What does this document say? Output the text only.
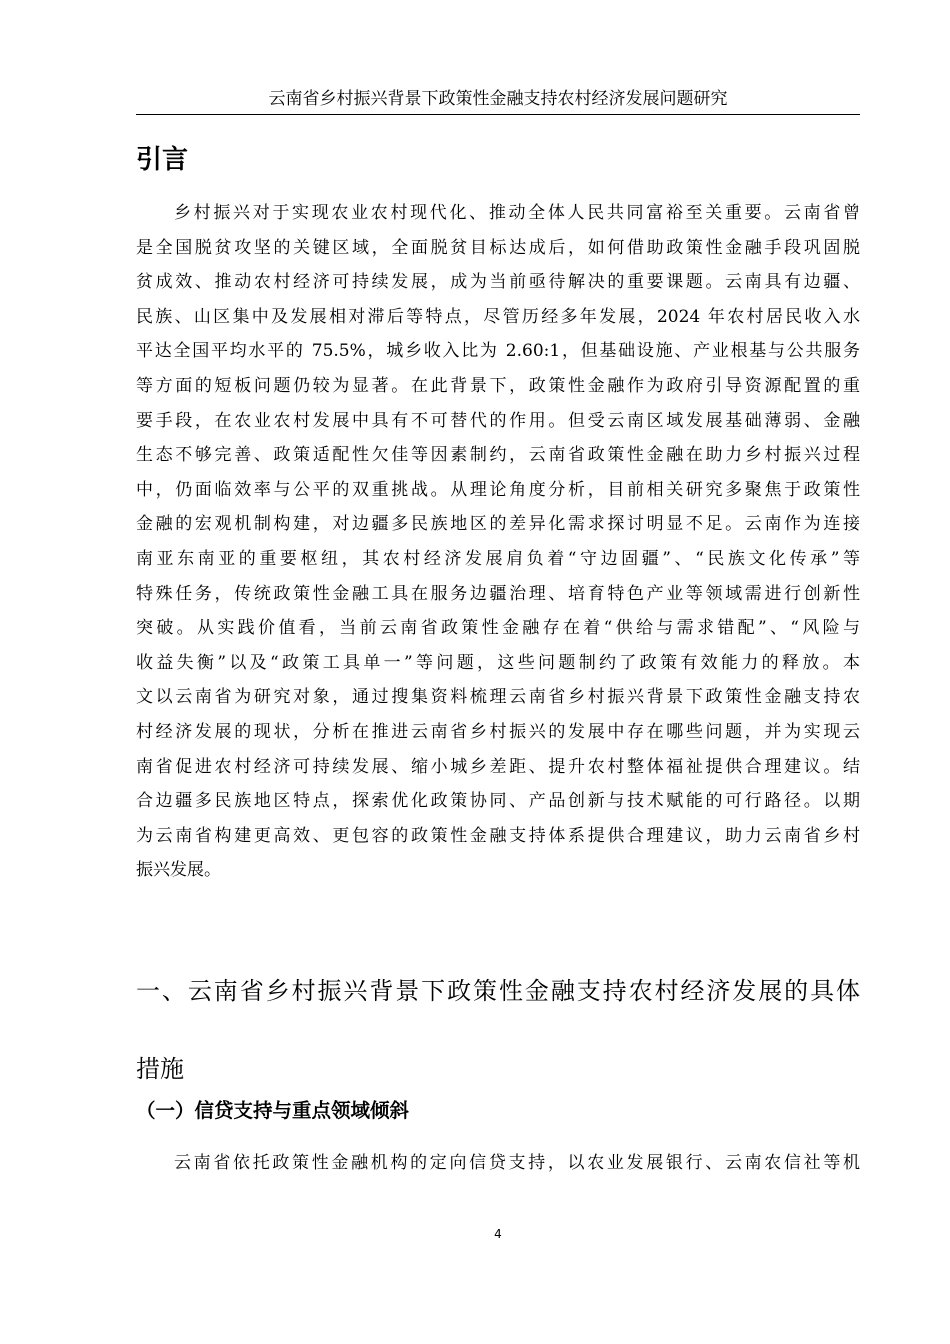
云南省乡村振兴背景下政策性金融支持农村经济发展问题研究
引言
乡村振兴对于实现农业农村现代化、推动全体人民共同富裕至关重要。云南省曾
是全国脱贫攻坚的关键区域，全面脱贫目标达成后，如何借助政策性金融手段巩固脱
贫成效、推动农村经济可持续发展，成为当前亟待解决的重要课题。云南具有边疆、
民族、山区集中及发展相对滞后等特点，尽管历经多年发展，2024 年农村居民收入水
平达全国平均水平的 75.5%，城乡收入比为 2.60:1，但基础设施、产业根基与公共服务
等方面的短板问题仍较为显著。在此背景下，政策性金融作为政府引导资源配置的重
要手段，在农业农村发展中具有不可替代的作用。但受云南区域发展基础薄弱、金融
生态不够完善、政策适配性欠佳等因素制约，云南省政策性金融在助力乡村振兴过程
中，仍面临效率与公平的双重挑战。从理论角度分析，目前相关研究多聚焦于政策性
金融的宏观机制构建，对边疆多民族地区的差异化需求探讨明显不足。云南作为连接
南亚东南亚的重要枢纽，其农村经济发展肩负着“守边固疆”、“民族文化传承”等
特殊任务，传统政策性金融工具在服务边疆治理、培育特色产业等领域需进行创新性
突破。从实践价值看，当前云南省政策性金融存在着“供给与需求错配”、“风险与
收益失衡”以及“政策工具单一”等问题，这些问题制约了政策有效能力的释放。本
文以云南省为研究对象，通过搜集资料梳理云南省乡村振兴背景下政策性金融支持农
村经济发展的现状，分析在推进云南省乡村振兴的发展中存在哪些问题，并为实现云
南省促进农村经济可持续发展、缩小城乡差距、提升农村整体福祉提供合理建议。结
合边疆多民族地区特点，探索优化政策协同、产品创新与技术赋能的可行路径。以期
为云南省构建更高效、更包容的政策性金融支持体系提供合理建议，助力云南省乡村
振兴发展。
一、云南省乡村振兴背景下政策性金融支持农村经济发展的具体
措施
（一）信贷支持与重点领域倾斜
云南省依托政策性金融机构的定向信贷支持，以农业发展银行、云南农信社等机
4
